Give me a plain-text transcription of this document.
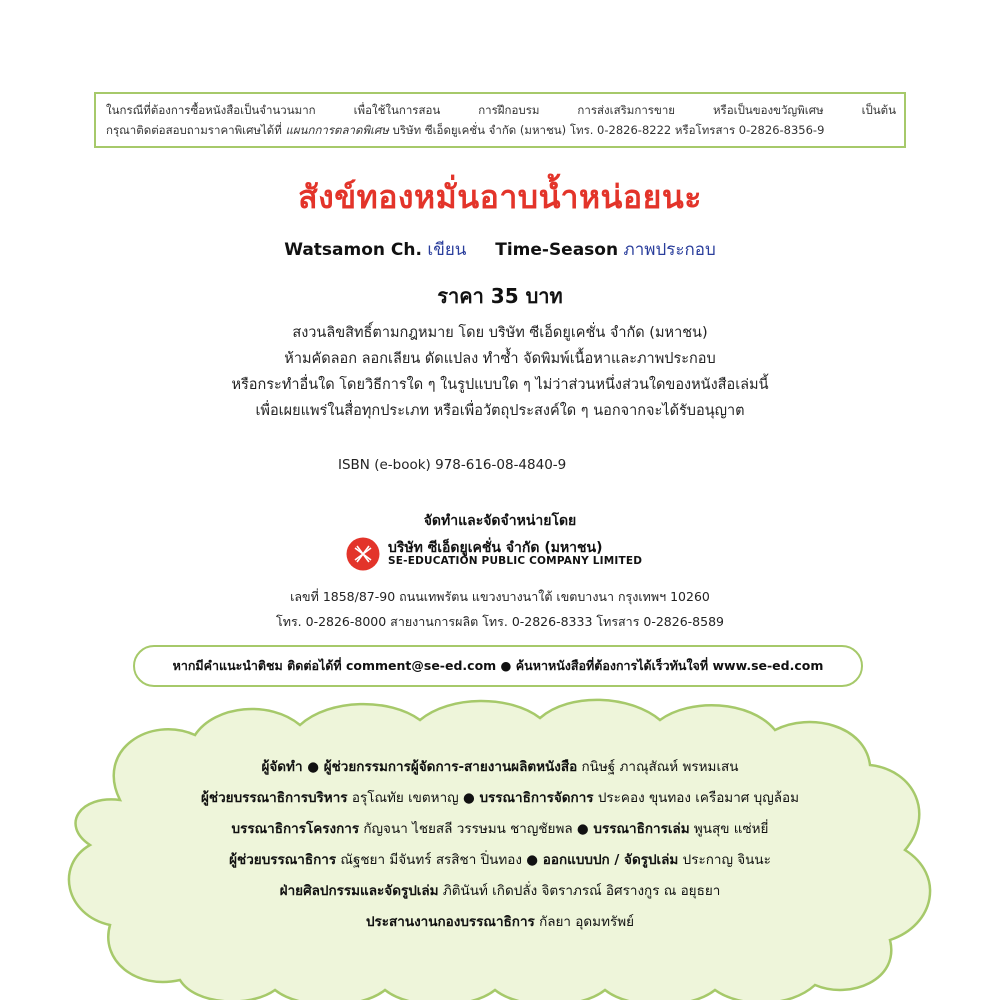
ในกรณีที่ต้องการซื้อหนังสือเป็นจำนวนมาก เพื่อใช้ในการสอน การฝึกอบรม การส่งเสริมการขาย หรือเป็นของขวัญพิเศษ เป็นต้น
กรุณาติดต่อสอบถามราคาพิเศษได้ที่ แผนกการตลาดพิเศษ บริษัท ซีเอ็ดยูเคชั่น จำกัด (มหาชน) โทร. 0-2826-8222 หรือโทรสาร 0-2826-8356-9
สังข์ทองหมั่นอาบน้ำหน่อยนะ
Watsamon Ch. เขียน Time-Season ภาพประกอบ
ราคา 35 บาท
สงวนลิขสิทธิ์ตามกฎหมาย โดย บริษัท ซีเอ็ดยูเคชั่น จำกัด (มหาชน)
ห้ามคัดลอก ลอกเลียน ดัดแปลง ทำซ้ำ จัดพิมพ์เนื้อหาและภาพประกอบ
หรือกระทำอื่นใด โดยวิธีการใด ๆ ในรูปแบบใด ๆ ไม่ว่าส่วนหนึ่งส่วนใดของหนังสือเล่มนี้
เพื่อเผยแพร่ในสื่อทุกประเภท หรือเพื่อวัตถุประสงค์ใด ๆ นอกจากจะได้รับอนุญาต
ISBN (e-book) 978-616-08-4840-9
จัดทำและจัดจำหน่ายโดย
บริษัท ซีเอ็ดยูเคชั่น จำกัด (มหาชน)
SE-EDUCATION PUBLIC COMPANY LIMITED
เลขที่ 1858/87-90 ถนนเทพรัตน แขวงบางนาใต้ เขตบางนา กรุงเทพฯ 10260
โทร. 0-2826-8000 สายงานการผลิต โทร. 0-2826-8333 โทรสาร 0-2826-8589
หากมีคำแนะนำติชม ติดต่อได้ที่ comment@se-ed.com ● ค้นหาหนังสือที่ต้องการได้เร็วทันใจที่ www.se-ed.com
ผู้จัดทำ ● ผู้ช่วยกรรมการผู้จัดการ-สายงานผลิตหนังสือ กนิษฐ์ ภาณุสัณห์ พรหมเสน
ผู้ช่วยบรรณาธิการบริหาร อรุโณทัย เขตหาญ ● บรรณาธิการจัดการ ประคอง ขุนทอง เครือมาศ บุญล้อม
บรรณาธิการโครงการ กัญจนา ไชยสลี วรรษมน ชาญชัยพล ● บรรณาธิการเล่ม พูนสุข แซ่หยี่
ผู้ช่วยบรรณาธิการ ณัฐชยา มีจันทร์ สรสิชา ปิ่นทอง ● ออกแบบปก / จัดรูปเล่ม ประกาญ จินนะ
ฝ่ายศิลปกรรมและจัดรูปเล่ม ภิตินันท์ เกิดปลั่ง จิตราภรณ์ อิศรางกูร ณ อยุธยา
ประสานงานกองบรรณาธิการ กัลยา อุดมทรัพย์
